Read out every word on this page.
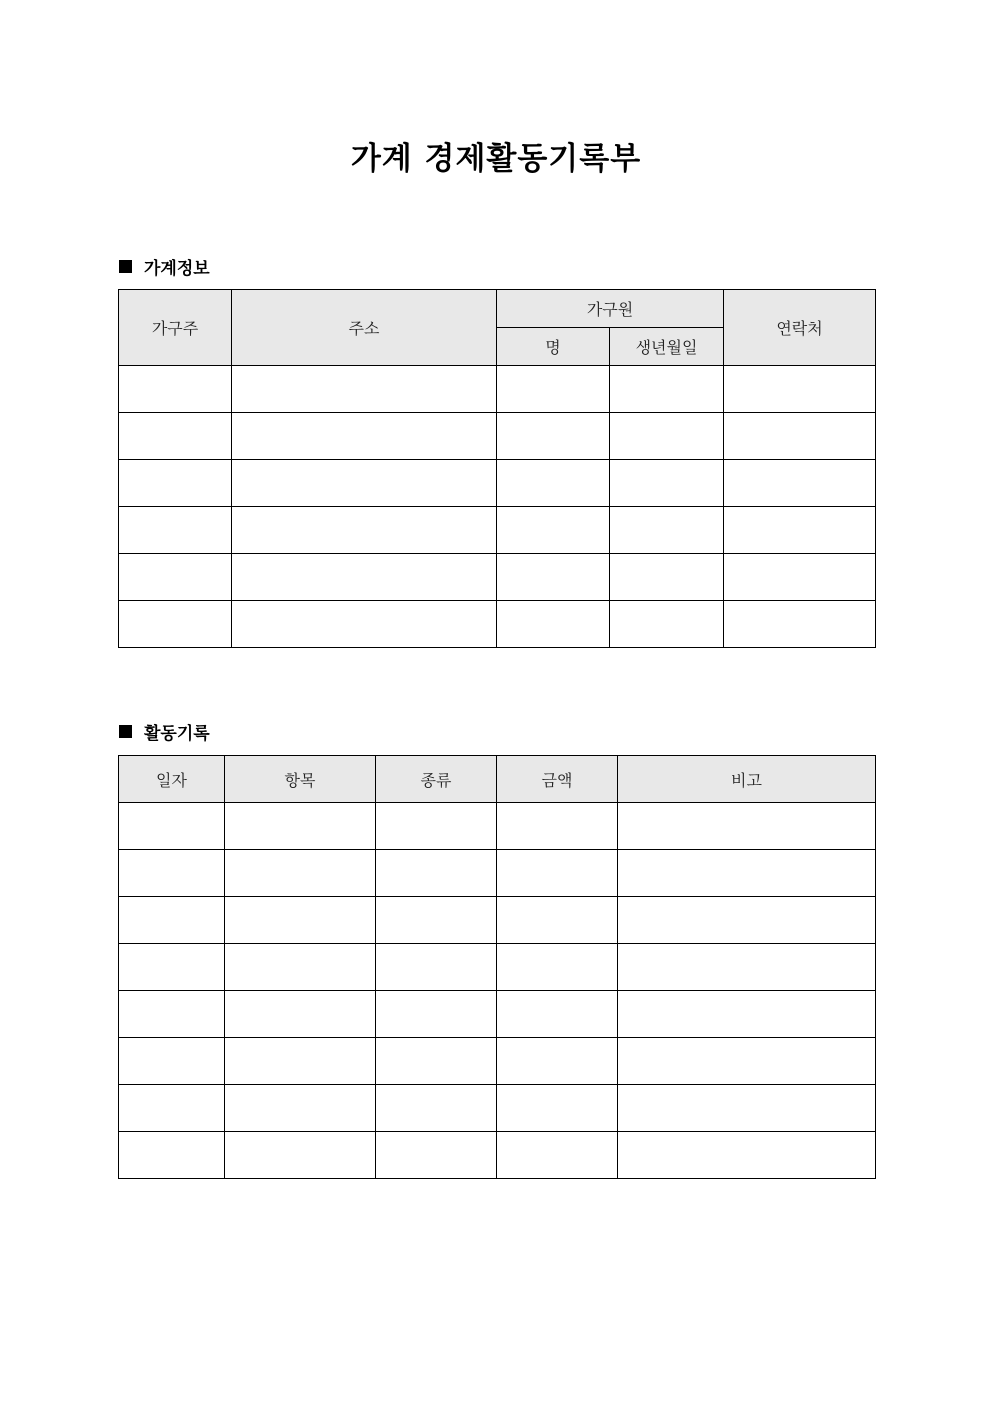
가계 경제활동기록부
가계정보
가구주	주소	가구원		연락처
		명	생년월일	

활동기록
일자	항목	종류	금액	비고
